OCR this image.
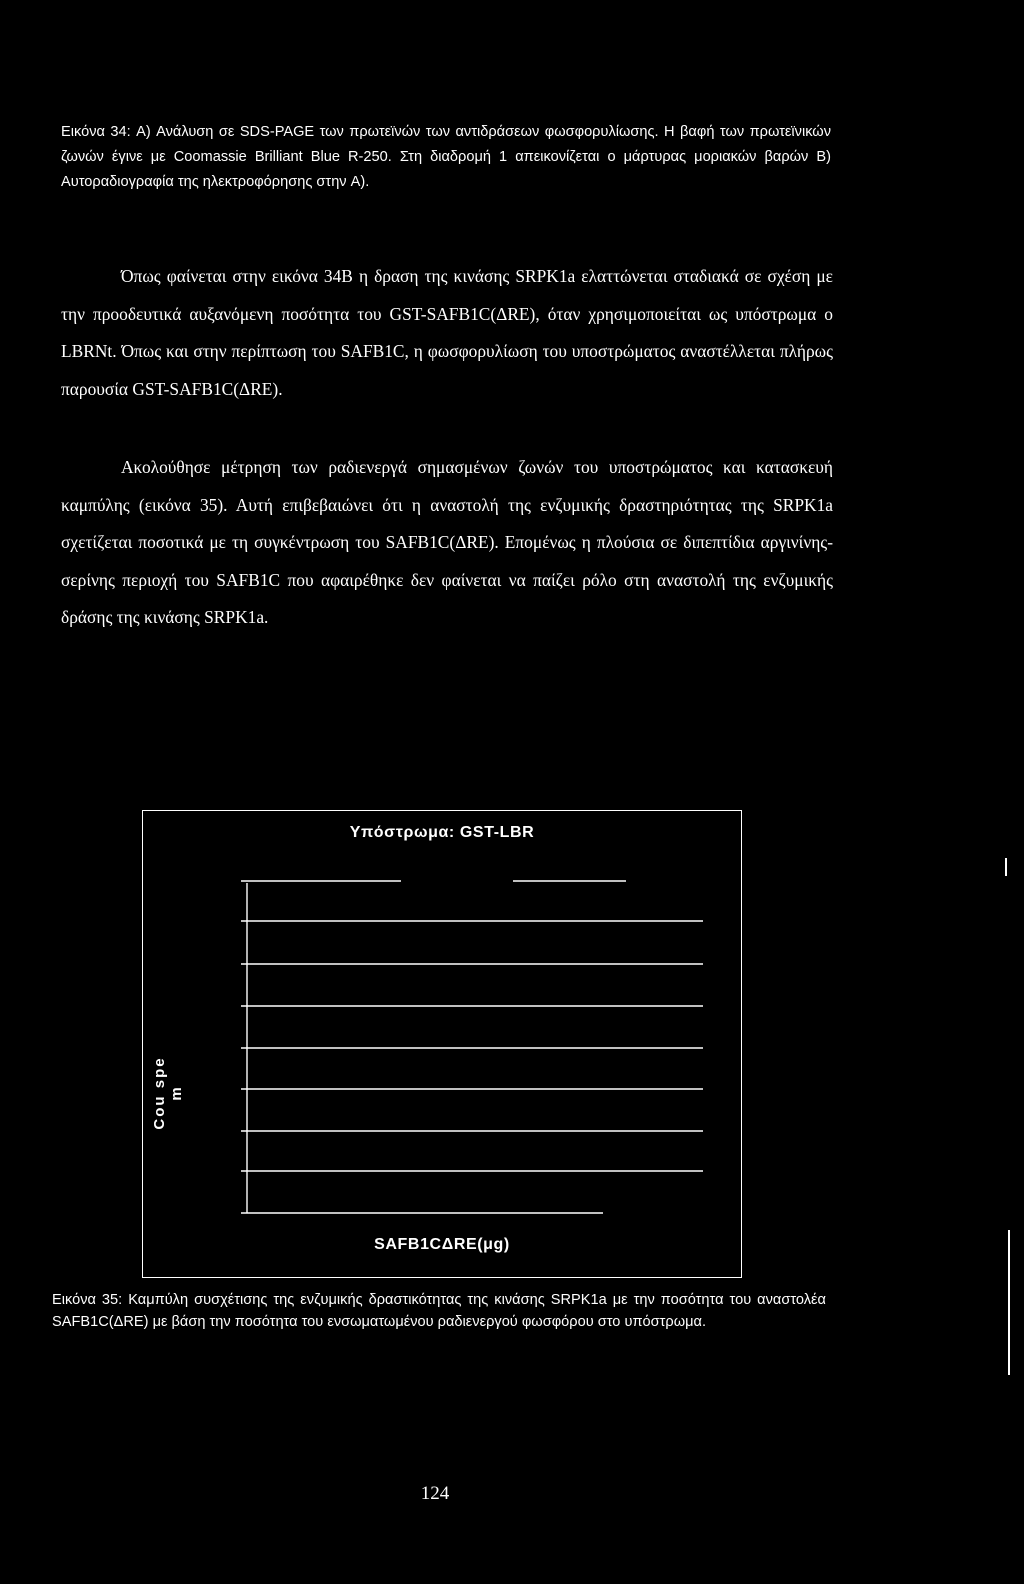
Εικόνα 34: A) Ανάλυση σε SDS-PAGE των πρωτεϊνών των αντιδράσεων φωσφορυλίωσης. Η βαφή των πρωτεϊνικών ζωνών έγινε με Coomassie Brilliant Blue R-250. Στη διαδρομή 1 απεικονίζεται ο μάρτυρας μοριακών βαρών B) Αυτοραδιογραφία της ηλεκτροφόρησης στην A).

Όπως φαίνεται στην εικόνα 34B η δραση της κινάσης SRPK1a ελαττώνεται σταδιακά σε σχέση με την προοδευτικά αυξανόμενη ποσότητα του GST-SAFB1C(ΔRE), όταν χρησιμοποιείται ως υπόστρωμα ο LBRNt. Όπως και στην περίπτωση του SAFB1C, η φωσφορυλίωση του υποστρώματος αναστέλλεται πλήρως παρουσία GST-SAFB1C(ΔRE).

Ακολούθησε μέτρηση των ραδιενεργά σημασμένων ζωνών του υποστρώματος και κατασκευή καμπύλης (εικόνα 35). Αυτή επιβεβαιώνει ότι η αναστολή της ενζυμικής δραστηριότητας της SRPK1a σχετίζεται ποσοτικά με τη συγκέντρωση του SAFB1C(ΔRE). Επομένως η πλούσια σε διπεπτίδια αργινίνης-σερίνης περιοχή του SAFB1C που αφαιρέθηκε δεν φαίνεται να παίζει ρόλο στη αναστολή της ενζυμικής δράσης της κινάσης SRPK1a.

Υπόστρωμα: GST-LBR
Cou spe m
SAFB1CΔRE(μg)
Εικόνα 35: Καμπύλη συσχέτισης της ενζυμικής δραστικότητας της κινάσης SRPK1a με την ποσότητα του αναστολέα SAFB1C(ΔRE) με βάση την ποσότητα του ενσωματωμένου ραδιενεργού φωσφόρου στο υπόστρωμα.
124
